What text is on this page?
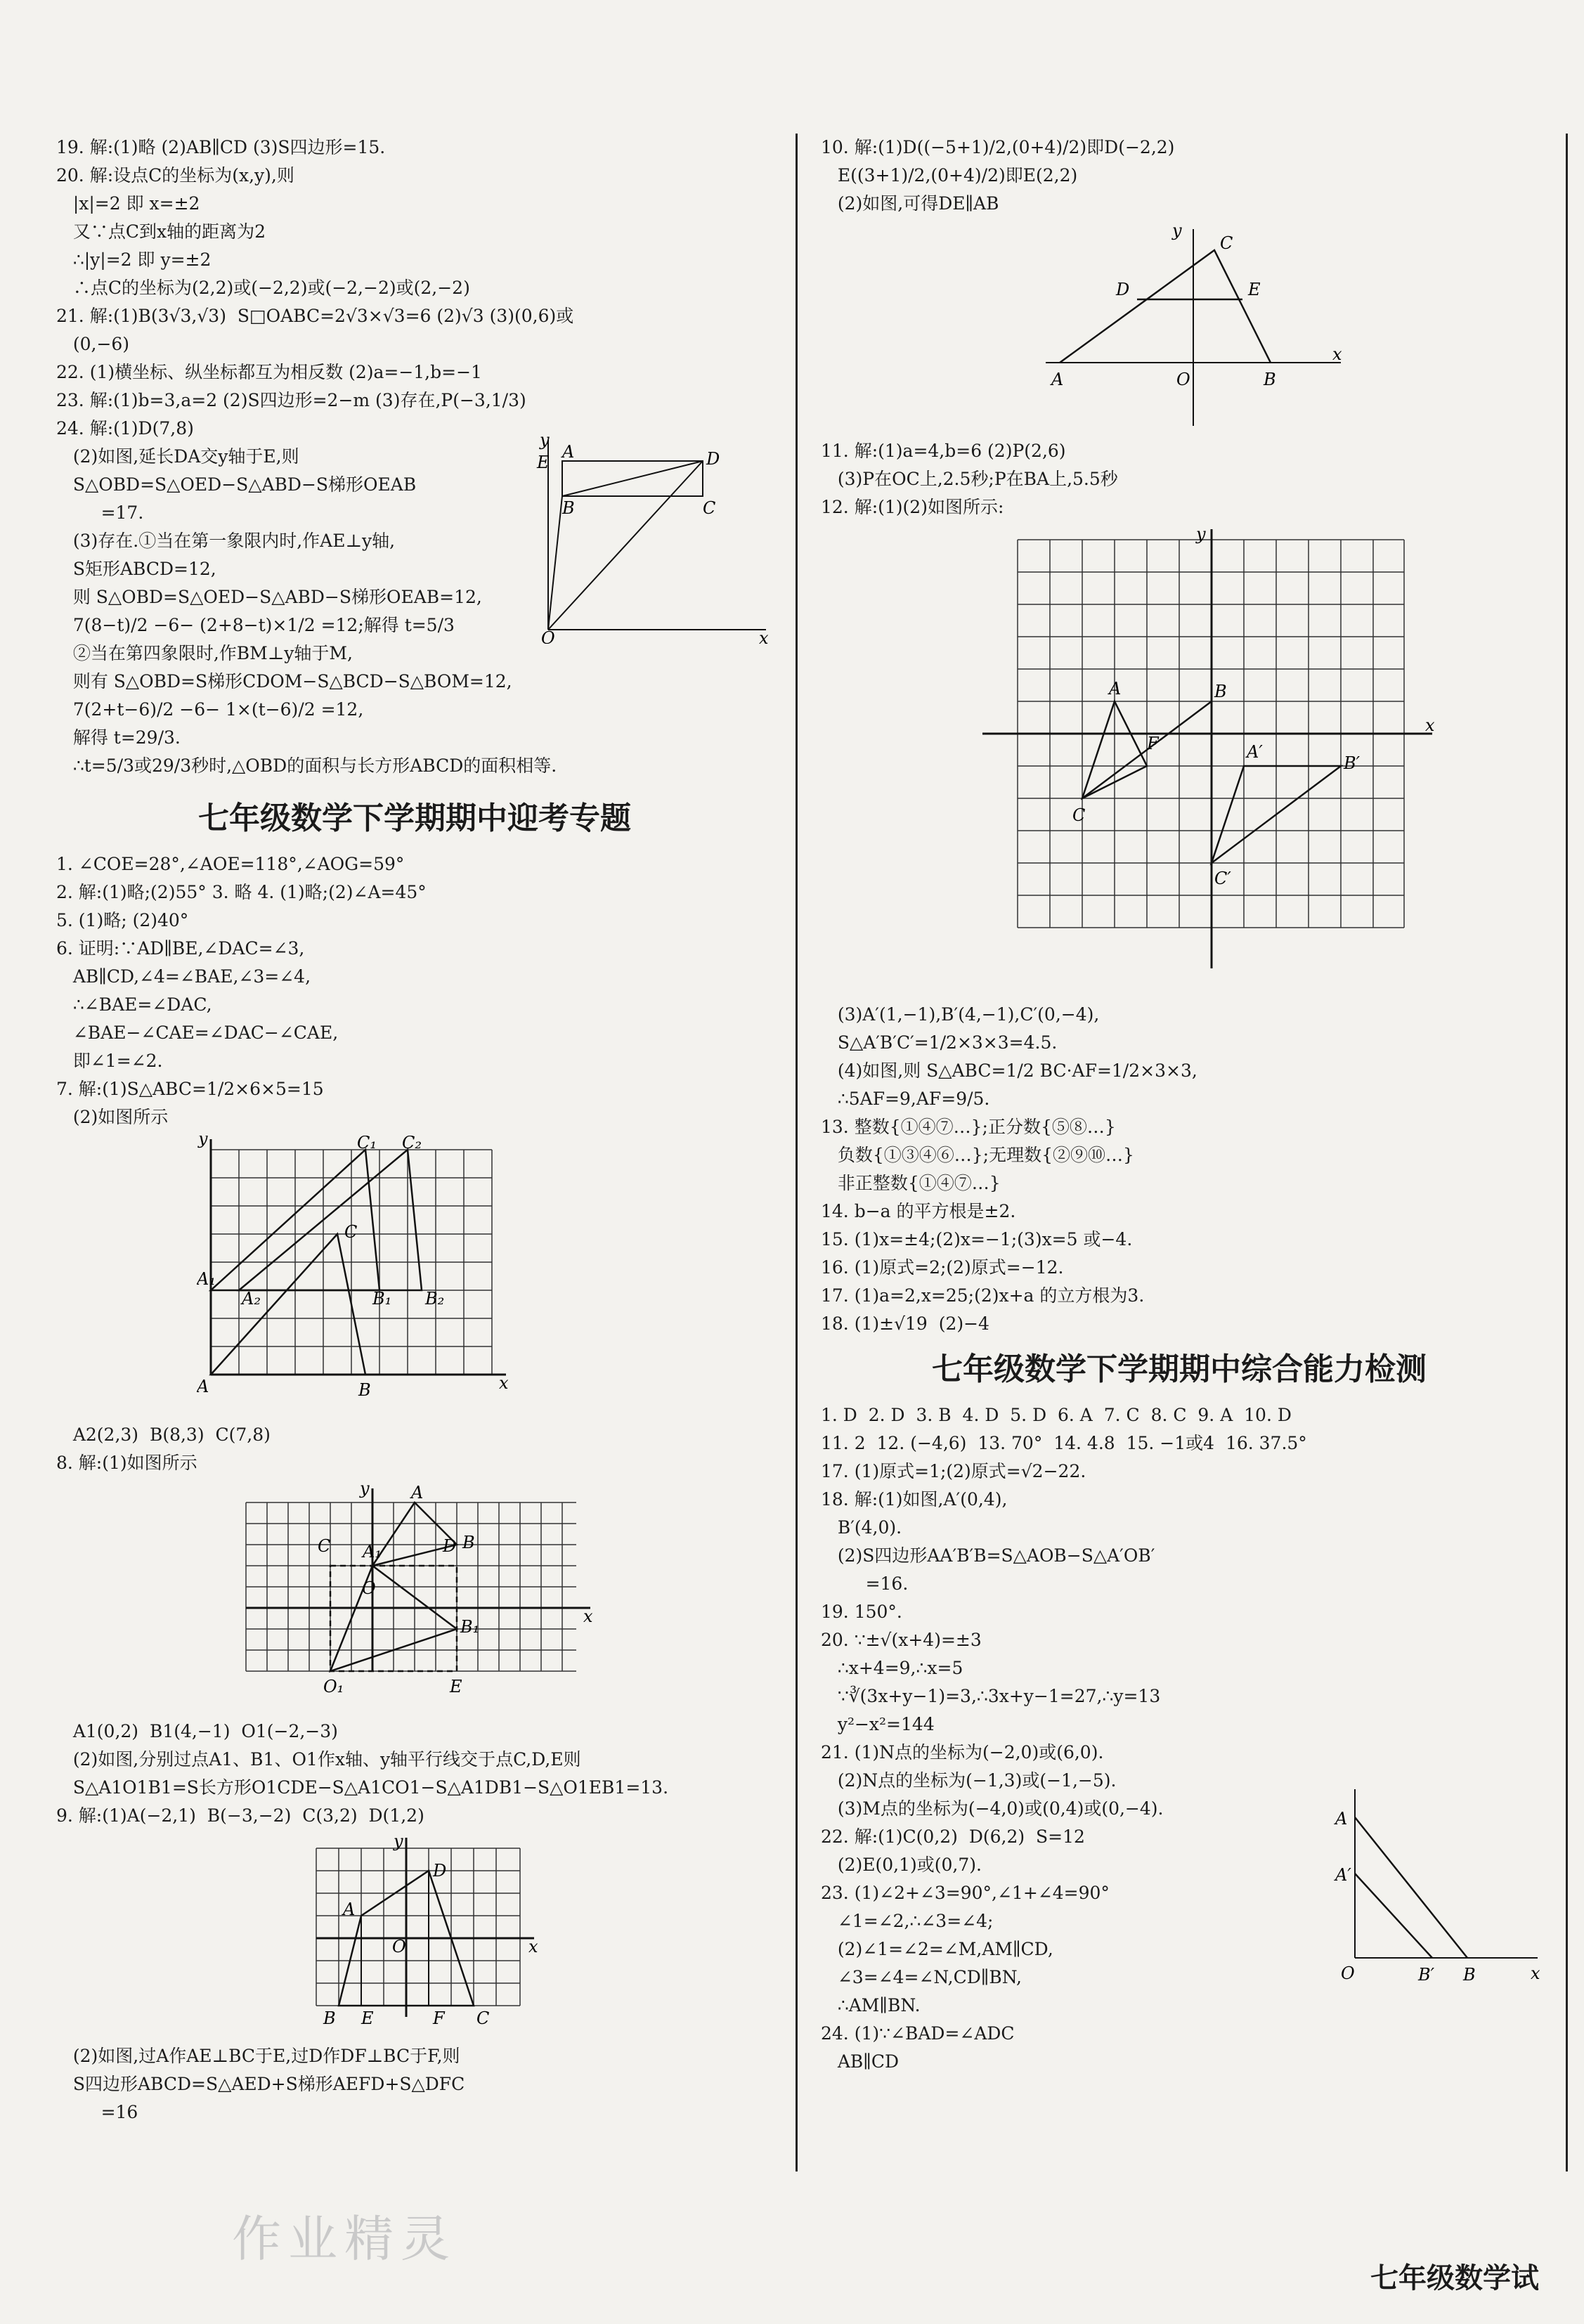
19. 解:(1)略 (2)AB∥CD (3)S四边形=15.
20. 解:设点C的坐标为(x,y),则
|x|=2 即 x=±2
又∵点C到x轴的距离为2
∴|y|=2 即 y=±2
∴点C的坐标为(2,2)或(−2,2)或(−2,−2)或(2,−2)
21. 解:(1)B(3√3,√3)  S□OABC=2√3×√3=6 (2)√3 (3)(0,6)或
(0,−6)
22. (1)横坐标、纵坐标都互为相反数 (2)a=−1,b=−1
23. 解:(1)b=3,a=2 (2)S四边形=2−m (3)存在,P(−3,1/3)
24. 解:(1)D(7,8)
(2)如图,延长DA交y轴于E,则
S△OBD=S△OED−S△ABD−S梯形OEAB
=17.
(3)存在.①当在第一象限内时,作AE⊥y轴,
S矩形ABCD=12,
则 S△OBD=S△OED−S△ABD−S梯形OEAB=12,
7(8−t)/2 −6− (2+8−t)×1/2 =12;解得 t=5/3
②当在第四象限时,作BM⊥y轴于M,
则有 S△OBD=S梯形CDOM−S△BCD−S△BOM=12,
7(2+t−6)/2 −6− 1×(t−6)/2 =12,
解得 t=29/3.
∴t=5/3或29/3秒时,△OBD的面积与长方形ABCD的面积相等.
O	x
y
E
A	D
B	C
七年级数学下学期期中迎考专题
1. ∠COE=28°,∠AOE=118°,∠AOG=59°
2. 解:(1)略;(2)55° 3. 略 4. (1)略;(2)∠A=45°
5. (1)略; (2)40°
6. 证明:∵AD∥BE,∠DAC=∠3,
AB∥CD,∠4=∠BAE,∠3=∠4,
∴∠BAE=∠DAC,
∠BAE−∠CAE=∠DAC−∠CAE,
即∠1=∠2.
7. 解:(1)S△ABC=1/2×6×5=15
(2)如图所示
y
x
A	B
C
A₁
A₂	B₁ B₂
C₁ C₂
A2(2,3)  B(8,3)  C(7,8)
8. 解:(1)如图所示
y
x
A
B
C A₁	D
O
B₁
O₁	E
A1(0,2)  B1(4,−1)  O1(−2,−3)
(2)如图,分别过点A1、B1、O1作x轴、y轴平行线交于点C,D,E则
S△A1O1B1=S长方形O1CDE−S△A1CO1−S△A1DB1−S△O1EB1=13.
9. 解:(1)A(−2,1)  B(−3,−2)  C(3,2)  D(1,2)
y
x
A
D
O
B E	F C
(2)如图,过A作AE⊥BC于E,过D作DF⊥BC于F,则
S四边形ABCD=S△AED+S梯形AEFD+S△DFC
=16
10. 解:(1)D((−5+1)/2,(0+4)/2)即D(−2,2)
E((3+1)/2,(0+4)/2)即E(2,2)
(2)如图,可得DE∥AB
y
x
A	O	B
C
D	E
11. 解:(1)a=4,b=6 (2)P(2,6)
(3)P在OC上,2.5秒;P在BA上,5.5秒
12. 解:(1)(2)如图所示:
y
x
A	B
C
F	A′
B′
C′
(3)A′(1,−1),B′(4,−1),C′(0,−4),
S△A′B′C′=1/2×3×3=4.5.
(4)如图,则 S△ABC=1/2 BC·AF=1/2×3×3,
∴5AF=9,AF=9/5.
13. 整数{①④⑦…};正分数{⑤⑧…}
负数{①③④⑥…};无理数{②⑨⑩…}
非正整数{①④⑦…}
14. b−a 的平方根是±2.
15. (1)x=±4;(2)x=−1;(3)x=5 或−4.
16. (1)原式=2;(2)原式=−12.
17. (1)a=2,x=25;(2)x+a 的立方根为3.
18. (1)±√19  (2)−4
七年级数学下学期期中综合能力检测
1. D  2. D  3. B  4. D  5. D  6. A  7. C  8. C  9. A  10. D
11. 2  12. (−4,6)  13. 70°  14. 4.8  15. −1或4  16. 37.5°
17. (1)原式=1;(2)原式=√2−22.
18. 解:(1)如图,A′(0,4),
B′(4,0).
(2)S四边形AA′B′B=S△AOB−S△A′OB′
=16.
19. 150°.
20. ∵±√(x+4)=±3
∴x+4=9,∴x=5
∵∛(3x+y−1)=3,∴3x+y−1=27,∴y=13
y²−x²=144
21. (1)N点的坐标为(−2,0)或(6,0).
(2)N点的坐标为(−1,3)或(−1,−5).
(3)M点的坐标为(−4,0)或(0,4)或(0,−4).
22. 解:(1)C(0,2)  D(6,2)  S=12
(2)E(0,1)或(0,7).
23. (1)∠2+∠3=90°,∠1+∠4=90°
∠1=∠2,∴∠3=∠4;
(2)∠1=∠2=∠M,AM∥CD,
∠3=∠4=∠N,CD∥BN,
∴AM∥BN.
24. (1)∵∠BAD=∠ADC
AB∥CD
A
A′
O	B′ B	x
作业精灵
七年级数学试
